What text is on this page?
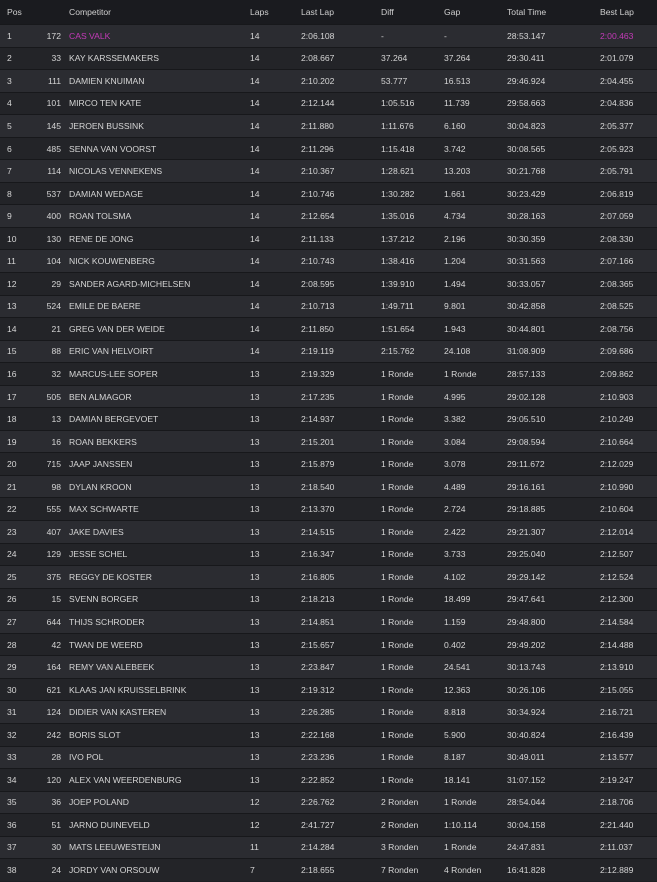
Pos		Competitor	Laps	Last Lap	Diff	Gap	Total Time	Best Lap
1	172	CAS VALK	14	2:06.108	-	-	28:53.147	2:00.463
2	33	KAY KARSSEMAKERS	14	2:08.667	37.264	37.264	29:30.411	2:01.079
3	111	DAMIEN KNUIMAN	14	2:10.202	53.777	16.513	29:46.924	2:04.455
4	101	MIRCO TEN KATE	14	2:12.144	1:05.516	11.739	29:58.663	2:04.836
5	145	JEROEN BUSSINK	14	2:11.880	1:11.676	6.160	30:04.823	2:05.377
6	485	SENNA VAN VOORST	14	2:11.296	1:15.418	3.742	30:08.565	2:05.923
7	114	NICOLAS VENNEKENS	14	2:10.367	1:28.621	13.203	30:21.768	2:05.791
8	537	DAMIAN WEDAGE	14	2:10.746	1:30.282	1.661	30:23.429	2:06.819
9	400	ROAN TOLSMA	14	2:12.654	1:35.016	4.734	30:28.163	2:07.059
10	130	RENE DE JONG	14	2:11.133	1:37.212	2.196	30:30.359	2:08.330
11	104	NICK KOUWENBERG	14	2:10.743	1:38.416	1.204	30:31.563	2:07.166
12	29	SANDER AGARD-MICHELSEN	14	2:08.595	1:39.910	1.494	30:33.057	2:08.365
13	524	EMILE DE BAERE	14	2:10.713	1:49.711	9.801	30:42.858	2:08.525
14	21	GREG VAN DER WEIDE	14	2:11.850	1:51.654	1.943	30:44.801	2:08.756
15	88	ERIC VAN HELVOIRT	14	2:19.119	2:15.762	24.108	31:08.909	2:09.686
16	32	MARCUS-LEE SOPER	13	2:19.329	1 Ronde	1 Ronde	28:57.133	2:09.862
17	505	BEN ALMAGOR	13	2:17.235	1 Ronde	4.995	29:02.128	2:10.903
18	13	DAMIAN BERGEVOET	13	2:14.937	1 Ronde	3.382	29:05.510	2:10.249
19	16	ROAN BEKKERS	13	2:15.201	1 Ronde	3.084	29:08.594	2:10.664
20	715	JAAP JANSSEN	13	2:15.879	1 Ronde	3.078	29:11.672	2:12.029
21	98	DYLAN KROON	13	2:18.540	1 Ronde	4.489	29:16.161	2:10.990
22	555	MAX SCHWARTE	13	2:13.370	1 Ronde	2.724	29:18.885	2:10.604
23	407	JAKE DAVIES	13	2:14.515	1 Ronde	2.422	29:21.307	2:12.014
24	129	JESSE SCHEL	13	2:16.347	1 Ronde	3.733	29:25.040	2:12.507
25	375	REGGY DE KOSTER	13	2:16.805	1 Ronde	4.102	29:29.142	2:12.524
26	15	SVENN BORGER	13	2:18.213	1 Ronde	18.499	29:47.641	2:12.300
27	644	THIJS SCHRODER	13	2:14.851	1 Ronde	1.159	29:48.800	2:14.584
28	42	TWAN DE WEERD	13	2:15.657	1 Ronde	0.402	29:49.202	2:14.488
29	164	REMY VAN ALEBEEK	13	2:23.847	1 Ronde	24.541	30:13.743	2:13.910
30	621	KLAAS JAN KRUISSELBRINK	13	2:19.312	1 Ronde	12.363	30:26.106	2:15.055
31	124	DIDIER VAN KASTEREN	13	2:26.285	1 Ronde	8.818	30:34.924	2:16.721
32	242	BORIS SLOT	13	2:22.168	1 Ronde	5.900	30:40.824	2:16.439
33	28	IVO POL	13	2:23.236	1 Ronde	8.187	30:49.011	2:13.577
34	120	ALEX VAN WEERDENBURG	13	2:22.852	1 Ronde	18.141	31:07.152	2:19.247
35	36	JOEP POLAND	12	2:26.762	2 Ronden	1 Ronde	28:54.044	2:18.706
36	51	JARNO DUINEVELD	12	2:41.727	2 Ronden	1:10.114	30:04.158	2:21.440
37	30	MATS LEEUWESTEIJN	11	2:14.284	3 Ronden	1 Ronde	24:47.831	2:11.037
38	24	JORDY VAN ORSOUW	7	2:18.655	7 Ronden	4 Ronden	16:41.828	2:12.889
